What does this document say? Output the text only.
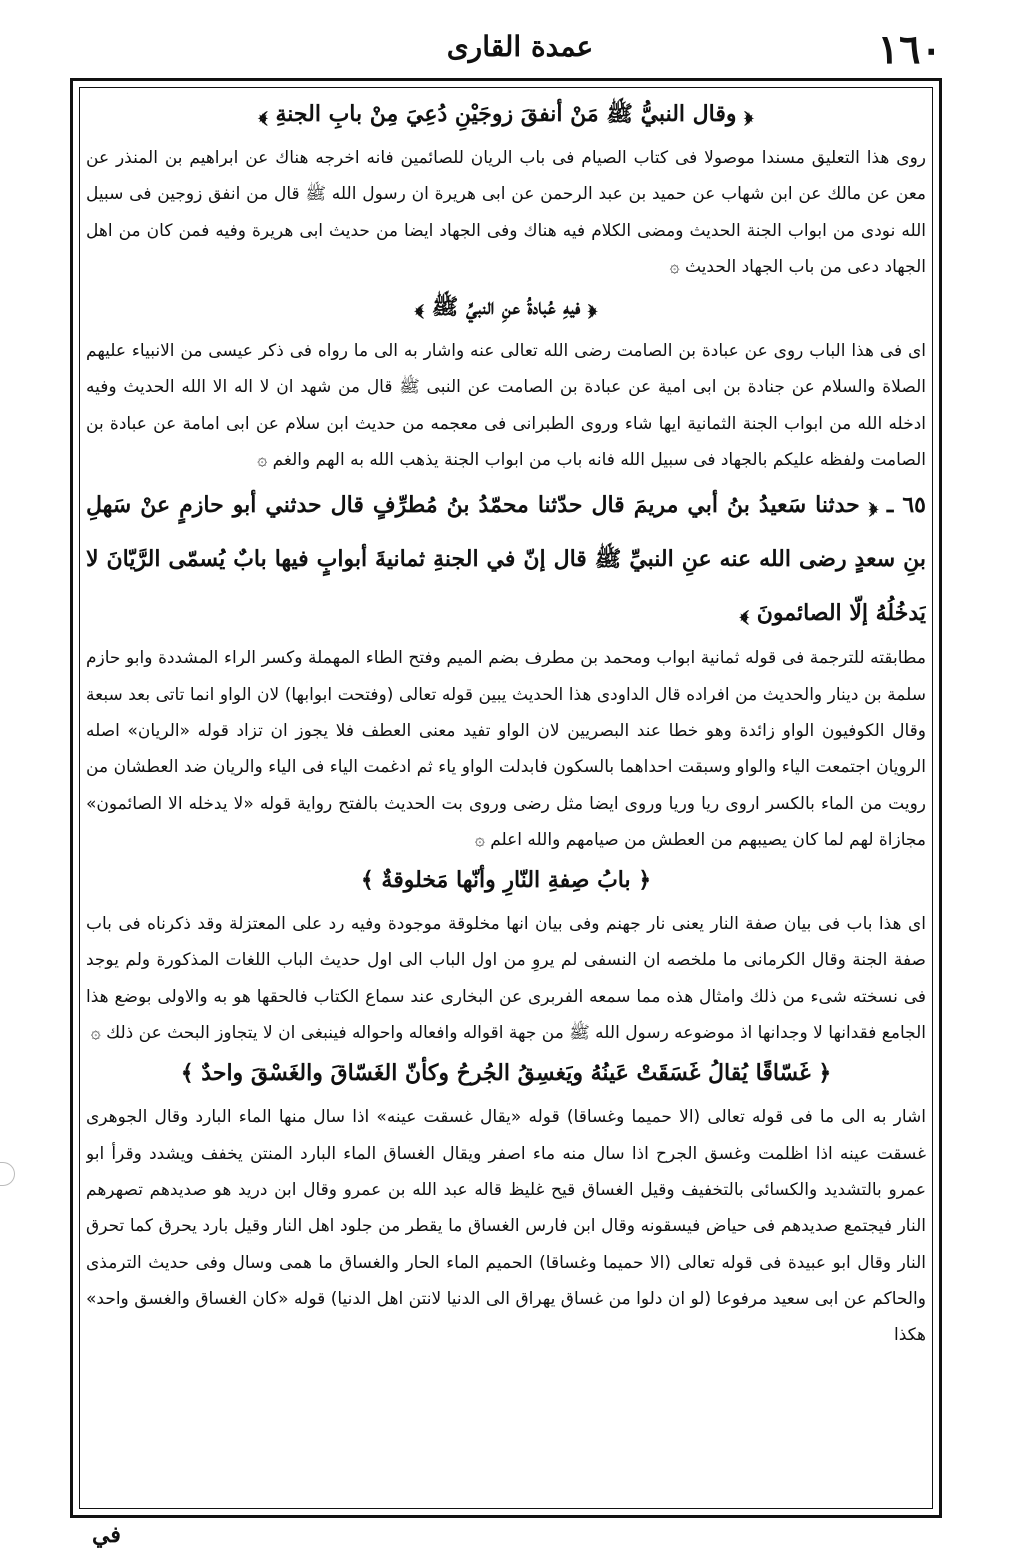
عمدة القارى	١٦٠
﴿ وقال النبيُّ ﷺ مَنْ أنفقَ زوجَيْنِ دُعِيَ مِنْ بابِ الجنةِ ﴾
روى هذا التعليق مسندا موصولا فى كتاب الصيام فى باب الريان للصائمين فانه اخرجه هناك عن ابراهيم بن المنذر عن معن عن مالك عن ابن شهاب عن حميد بن عبد الرحمن عن ابى هريرة ان رسول الله ﷺ قال من انفق زوجين فى سبيل الله نودى من ابواب الجنة الحديث ومضى الكلام فيه هناك وفى الجهاد ايضا من حديث ابى هريرة وفيه فمن كان من اهل الجهاد دعى من باب الجهاد الحديث ۞
﴿ فيهِ عُبادةُ عنِ النبيِّ ﷺ ﴾
اى فى هذا الباب روى عن عبادة بن الصامت رضى الله تعالى عنه واشار به الى ما رواه فى ذكر عيسى من الانبياء عليهم الصلاة والسلام عن جنادة بن ابى امية عن عبادة بن الصامت عن النبى ﷺ قال من شهد ان لا اله الا الله الحديث وفيه ادخله الله من ابواب الجنة الثمانية ايها شاء وروى الطبرانى فى معجمه من حديث ابن سلام عن ابى امامة عن عبادة بن الصامت ولفظه عليكم بالجهاد فى سبيل الله فانه باب من ابواب الجنة يذهب الله به الهم والغم ۞
٦٥ ـ ﴿ حدثنا سَعيدُ بنُ أبي مريمَ قال حدّثنا محمّدُ بنُ مُطرِّفٍ قال حدثني أبو حازمٍ عنْ سَهلِ بنِ سعدٍ رضى الله عنه عنِ النبيِّ ﷺ قال إنّ في الجنةِ ثمانيةَ أبوابٍ فيها بابٌ يُسمّى الرَّيّانَ لا يَدخُلُهُ إلّا الصائمونَ ﴾
مطابقته للترجمة فى قوله ثمانية ابواب ومحمد بن مطرف بضم الميم وفتح الطاء المهملة وكسر الراء المشددة وابو حازم سلمة بن دينار والحديث من افراده قال الداودى هذا الحديث يبين قوله تعالى (وفتحت ابوابها) لان الواو انما تاتى بعد سبعة وقال الكوفيون الواو زائدة وهو خطا عند البصريين لان الواو تفيد معنى العطف فلا يجوز ان تزاد قوله «الريان» اصله الرويان اجتمعت الياء والواو وسبقت احداهما بالسكون فابدلت الواو ياء ثم ادغمت الياء فى الياء والريان ضد العطشان من رويت من الماء بالكسر اروى ريا وريا وروى ايضا مثل رضى وروى بت الحديث بالفتح رواية قوله «لا يدخله الا الصائمون» مجازاة لهم لما كان يصيبهم من العطش من صيامهم والله اعلم ۞
﴿ بابُ صِفةِ النّارِ وأنّها مَخلوقةٌ ﴾
اى هذا باب فى بيان صفة النار يعنى نار جهنم وفى بيان انها مخلوقة موجودة وفيه رد على المعتزلة وقد ذكرناه فى باب صفة الجنة وقال الكرمانى ما ملخصه ان النسفى لم يروِ من اول الباب الى اول حديث الباب اللغات المذكورة ولم يوجد فى نسخته شىء من ذلك وامثال هذه مما سمعه الفربرى عن البخارى عند سماع الكتاب فالحقها هو به والاولى بوضع هذا الجامع فقدانها لا وجدانها اذ موضوعه رسول الله ﷺ من جهة اقواله وافعاله واحواله فينبغى ان لا يتجاوز البحث عن ذلك ۞
﴿ غَسّاقًا يُقالُ غَسَقَتْ عَينُهُ ويَغسِقُ الجُرحُ وكأنّ الغَسّاقَ والغَسْقَ واحدٌ ﴾
اشار به الى ما فى قوله تعالى (الا حميما وغساقا) قوله «يقال غسقت عينه» اذا سال منها الماء البارد وقال الجوهرى غسقت عينه اذا اظلمت وغسق الجرح اذا سال منه ماء اصفر ويقال الغساق الماء البارد المنتن يخفف ويشدد وقرأ ابو عمرو بالتشديد والكسائى بالتخفيف وقيل الغساق قيح غليظ قاله عبد الله بن عمرو وقال ابن دريد هو صديدهم تصهرهم النار فيجتمع صديدهم فى حياض فيسقونه وقال ابن فارس الغساق ما يقطر من جلود اهل النار وقيل بارد يحرق كما تحرق النار وقال ابو عبيدة فى قوله تعالى (الا حميما وغساقا) الحميم الماء الحار والغساق ما همى وسال وفى حديث الترمذى والحاكم عن ابى سعيد مرفوعا (لو ان دلوا من غساق يهراق الى الدنيا لانتن اهل الدنيا) قوله «كان الغساق والغسق واحد» هكذا
في
